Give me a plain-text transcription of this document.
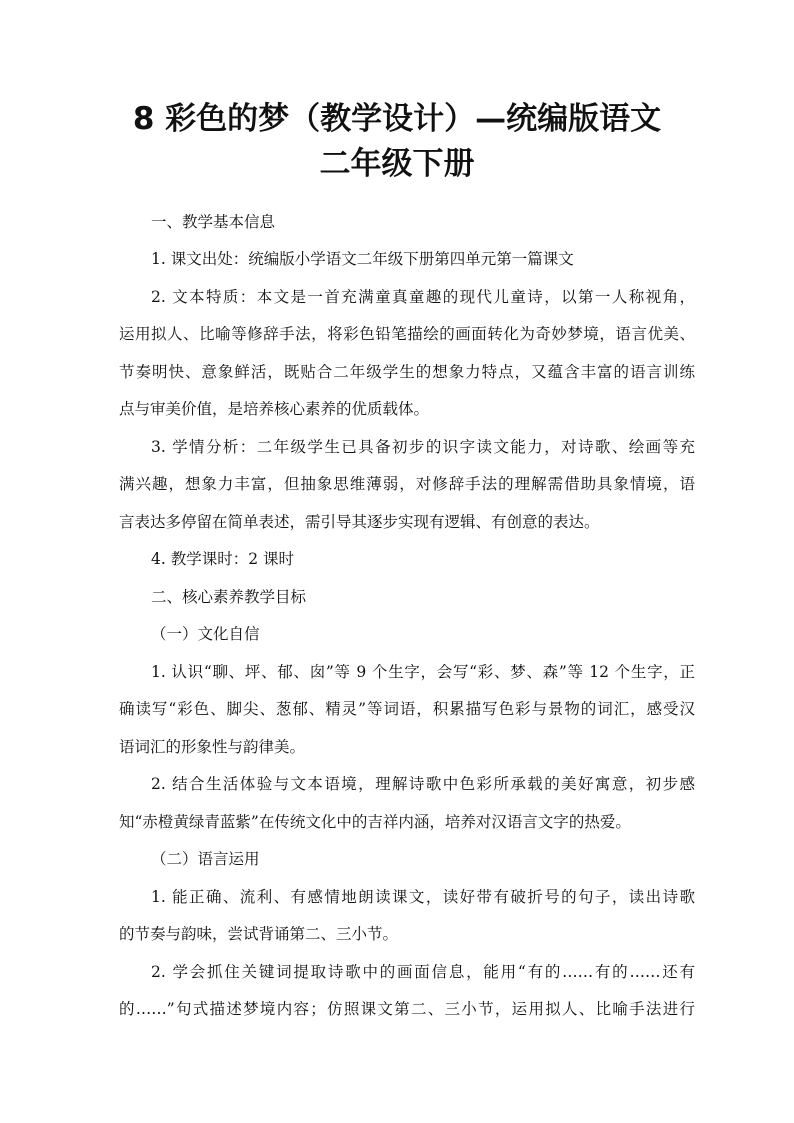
8 彩色的梦（教学设计）—统编版语文
二年级下册

一、教学基本信息

1. 课文出处：统编版小学语文二年级下册第四单元第一篇课文

2. 文本特质：本文是一首充满童真童趣的现代儿童诗，以第一人称视角，

运用拟人、比喻等修辞手法，将彩色铅笔描绘的画面转化为奇妙梦境，语言优美、

节奏明快、意象鲜活，既贴合二年级学生的想象力特点，又蕴含丰富的语言训练

点与审美价值，是培养核心素养的优质载体。

3. 学情分析：二年级学生已具备初步的识字读文能力，对诗歌、绘画等充

满兴趣，想象力丰富，但抽象思维薄弱，对修辞手法的理解需借助具象情境，语

言表达多停留在简单表述，需引导其逐步实现有逻辑、有创意的表达。

4. 教学课时：2 课时

二、核心素养教学目标

（一）文化自信

1. 认识“聊、坪、郁、囱”等 9 个生字，会写“彩、梦、森”等 12 个生字，正

确读写“彩色、脚尖、葱郁、精灵”等词语，积累描写色彩与景物的词汇，感受汉

语词汇的形象性与韵律美。

2. 结合生活体验与文本语境，理解诗歌中色彩所承载的美好寓意，初步感

知“赤橙黄绿青蓝紫”在传统文化中的吉祥内涵，培养对汉语言文字的热爱。

（二）语言运用

1. 能正确、流利、有感情地朗读课文，读好带有破折号的句子，读出诗歌

的节奏与韵味，尝试背诵第二、三小节。

2. 学会抓住关键词提取诗歌中的画面信息，能用“有的……有的……还有

的……”句式描述梦境内容；仿照课文第二、三小节，运用拟人、比喻手法进行
